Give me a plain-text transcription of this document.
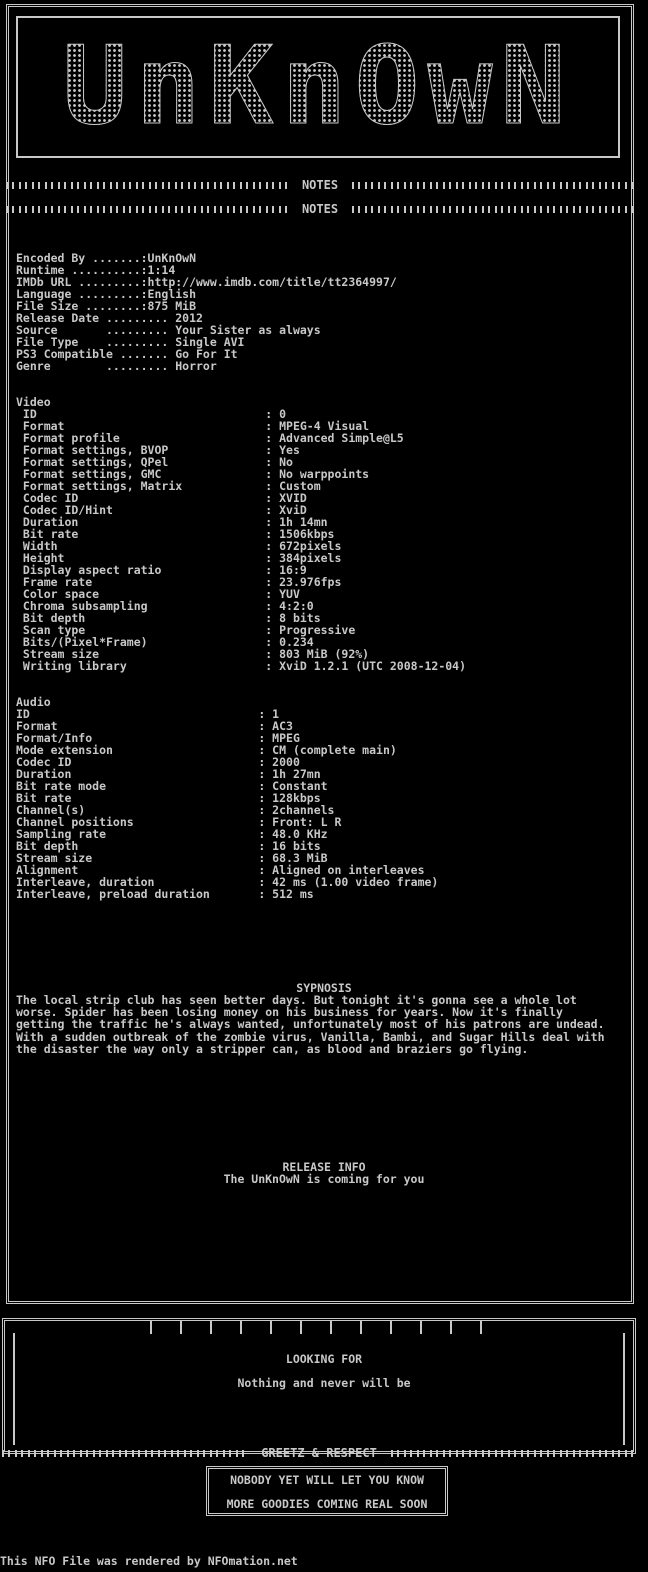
UnKnOwN
NOTES
NOTES
Encoded By .......:UnKnOwN
Runtime ..........:1:14
IMDb URL .........:http://www.imdb.com/title/tt2364997/
Language .........:English
File Size ........:875 MiB
Release Date ......... 2012
Source       ......... Your Sister as always
File Type    ......... Single AVI
PS3 Compatible ....... Go For It
Genre        ......... Horror
Video
ID                                 : 0
Format                             : MPEG-4 Visual
Format profile                     : Advanced Simple@L5
Format settings, BVOP              : Yes
Format settings, QPel              : No
Format settings, GMC               : No warppoints
Format settings, Matrix            : Custom
Codec ID                           : XVID
Codec ID/Hint                      : XviD
Duration                           : 1h 14mn
Bit rate                           : 1506kbps
Width                              : 672pixels
Height                             : 384pixels
Display aspect ratio               : 16:9
Frame rate                         : 23.976fps
Color space                        : YUV
Chroma subsampling                 : 4:2:0
Bit depth                          : 8 bits
Scan type                          : Progressive
Bits/(Pixel*Frame)                 : 0.234
Stream size                        : 803 MiB (92%)
Writing library                    : XviD 1.2.1 (UTC 2008-12-04)
Audio
ID                                 : 1
Format                             : AC3
Format/Info                        : MPEG
Mode extension                     : CM (complete main)
Codec ID                           : 2000
Duration                           : 1h 27mn
Bit rate mode                      : Constant
Bit rate                           : 128kbps
Channel(s)                         : 2channels
Channel positions                  : Front: L R
Sampling rate                      : 48.0 KHz
Bit depth                          : 16 bits
Stream size                        : 68.3 MiB
Alignment                          : Aligned on interleaves
Interleave, duration               : 42 ms (1.00 video frame)
Interleave, preload duration       : 512 ms
SYPNOSIS
The local strip club has seen better days. But tonight it's gonna see a whole lot worse. Spider has been losing money on his business for years. Now it's finally getting the traffic he's always wanted, unfortunately most of his patrons are undead. With a sudden outbreak of the zombie virus, Vanilla, Bambi, and Sugar Hills deal with the disaster the way only a stripper can, as blood and braziers go flying.
RELEASE INFO
The UnKnOwN is coming for you
LOOKING FOR
Nothing and never will be
GREETZ & RESPECT
NOBODY YET WILL LET YOU KNOW
MORE GOODIES COMING REAL SOON
This NFO File was rendered by NFOmation.net
